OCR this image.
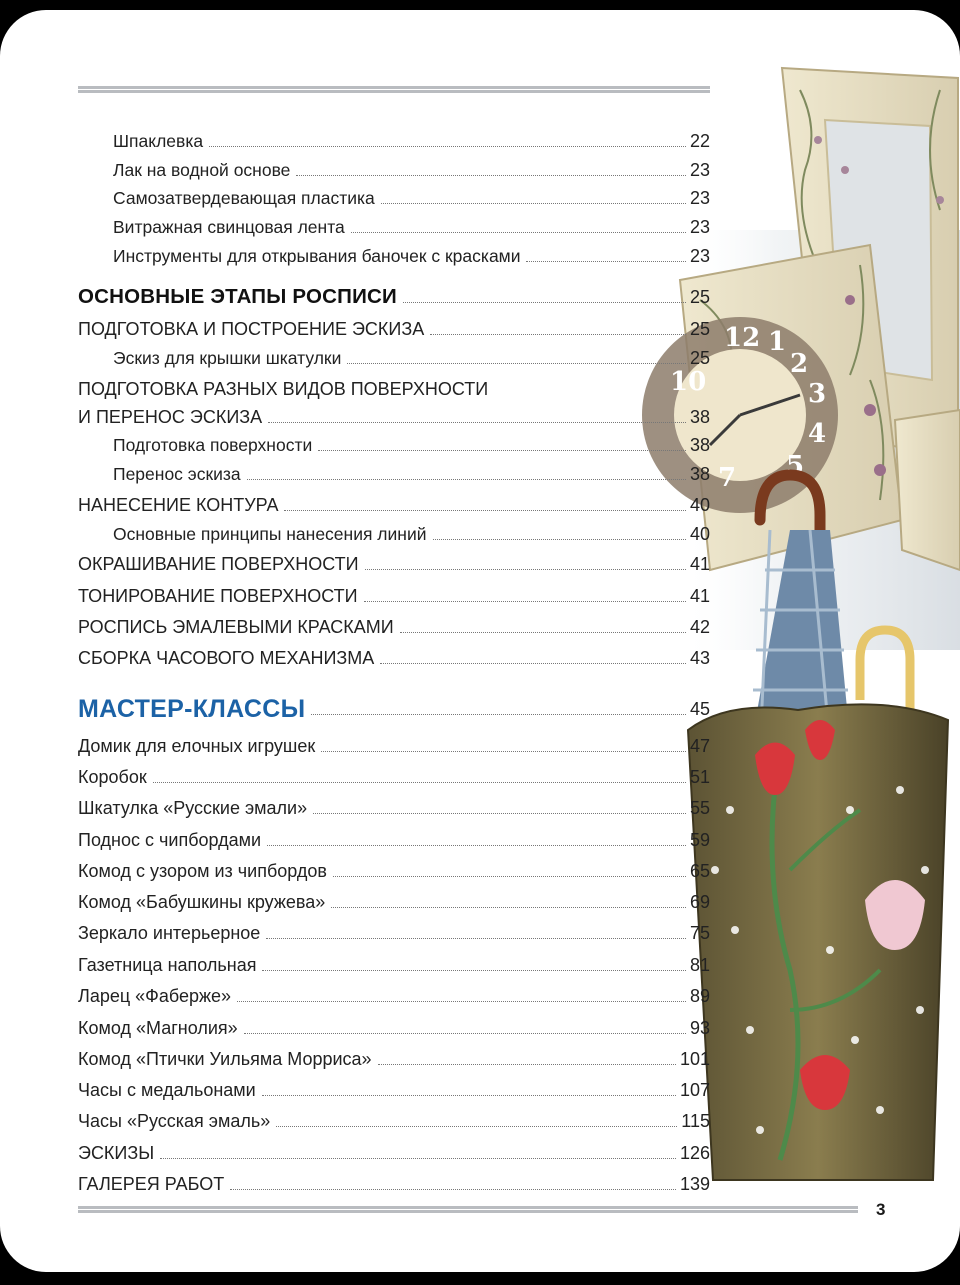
12 1
2
3
4
5
7
10
Шпаклевка	22
Лак на водной основе	23
Самозатвердевающая пластика	23
Витражная свинцовая лента	23
Инструменты для открывания баночек с красками	23
ОСНОВНЫЕ ЭТАПЫ РОСПИСИ	25
ПОДГОТОВКА И ПОСТРОЕНИЕ ЭСКИЗА	25
Эскиз для крышки шкатулки	25
ПОДГОТОВКА РАЗНЫХ ВИДОВ ПОВЕРХНОСТИ
И ПЕРЕНОС ЭСКИЗА	38
Подготовка поверхности	38
Перенос эскиза	38
НАНЕСЕНИЕ КОНТУРА	40
Основные принципы нанесения линий	40
ОКРАШИВАНИЕ ПОВЕРХНОСТИ	41
ТОНИРОВАНИЕ ПОВЕРХНОСТИ	41
РОСПИСЬ ЭМАЛЕВЫМИ КРАСКАМИ	42
СБОРКА ЧАСОВОГО МЕХАНИЗМА	43
МАСТЕР-КЛАССЫ	45
Домик для елочных игрушек	47
Коробок	51
Шкатулка «Русские эмали»	55
Поднос с чипбордами	59
Комод с узором из чипбордов	65
Комод «Бабушкины кружева»	69
Зеркало интерьерное	75
Газетница напольная	81
Ларец «Фаберже»	89
Комод «Магнолия»	93
Комод «Птички Уильяма Морриса»	101
Часы с медальонами	107
Часы «Русская эмаль»	115
ЭСКИЗЫ	126
ГАЛЕРЕЯ РАБОТ	139
3
